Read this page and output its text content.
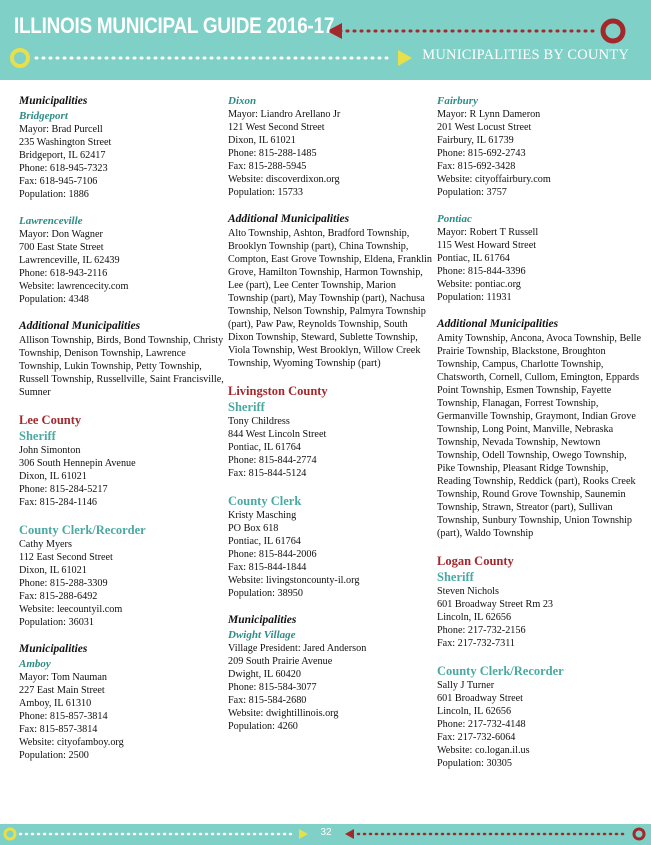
ILLINOIS MUNICIPAL GUIDE 2016-17
MUNICIPALITIES BY COUNTY
Municipalities
Bridgeport
Mayor: Brad Purcell
235 Washington Street
Bridgeport, IL 62417
Phone: 618-945-7323
Fax: 618-945-7106
Population: 1886
Lawrenceville
Mayor: Don Wagner
700 East State Street
Lawrenceville, IL 62439
Phone: 618-943-2116
Website: lawrencecity.com
Population: 4348
Additional Municipalities
Allison Township, Birds, Bond Township, Christy Township, Denison Township, Lawrence Township, Lukin Township, Petty Township, Russell Township, Russellville, Saint Francisville, Sumner
Lee County
Sheriff
John Simonton
306 South Hennepin Avenue
Dixon, IL 61021
Phone: 815-284-5217
Fax: 815-284-1146
County Clerk/Recorder
Cathy Myers
112 East Second Street
Dixon, IL 61021
Phone: 815-288-3309
Fax: 815-288-6492
Website: leecountyil.com
Population: 36031
Municipalities
Amboy
Mayor: Tom Nauman
227 East Main Street
Amboy, IL 61310
Phone: 815-857-3814
Fax: 815-857-3814
Website: cityofamboy.org
Population: 2500
Dixon
Mayor: Liandro Arellano Jr
121 West Second Street
Dixon, IL 61021
Phone: 815-288-1485
Fax: 815-288-5945
Website: discoverdixon.org
Population: 15733
Additional Municipalities
Alto Township, Ashton, Bradford Township, Brooklyn Township (part), China Township, Compton, East Grove Township, Eldena, Franklin Grove, Hamilton Township, Harmon Township, Lee (part), Lee Center Township, Marion Township (part), May Township (part), Nachusa Township, Nelson Township, Palmyra Township (part), Paw Paw, Reynolds Township, South Dixon Township, Steward, Sublette Township, Viola Township, West Brooklyn, Willow Creek Township, Wyoming Township (part)
Livingston County
Sheriff
Tony Childress
844 West Lincoln Street
Pontiac, IL 61764
Phone: 815-844-2774
Fax: 815-844-5124
County Clerk
Kristy Masching
PO Box 618
Pontiac, IL 61764
Phone: 815-844-2006
Fax: 815-844-1844
Website: livingstoncounty-il.org
Population: 38950
Municipalities
Dwight Village
Village President: Jared Anderson
209 South Prairie Avenue
Dwight, IL 60420
Phone: 815-584-3077
Fax: 815-584-2680
Website: dwightillinois.org
Population: 4260
Fairbury
Mayor: R Lynn Dameron
201 West Locust Street
Fairbury, IL 61739
Phone: 815-692-2743
Fax: 815-692-3428
Website: cityoffairbury.com
Population: 3757
Pontiac
Mayor: Robert T Russell
115 West Howard Street
Pontiac, IL 61764
Phone: 815-844-3396
Website: pontiac.org
Population: 11931
Additional Municipalities
Amity Township, Ancona, Avoca Township, Belle Prairie Township, Blackstone, Broughton Township, Campus, Charlotte Township, Chatsworth, Cornell, Cullom, Emington, Eppards Point Township, Esmen Township, Fayette Township, Flanagan, Forrest Township, Germanville Township, Graymont, Indian Grove Township, Long Point, Manville, Nebraska Township, Nevada Township, Newtown Township, Odell Township, Owego Township, Pike Township, Pleasant Ridge Township, Reading Township, Reddick (part), Rooks Creek Township, Round Grove Township, Saunemin Township, Strawn, Streator (part), Sullivan Township, Sunbury Township, Union Township (part), Waldo Township
Logan County
Sheriff
Steven Nichols
601 Broadway Street Rm 23
Lincoln, IL 62656
Phone: 217-732-2156
Fax: 217-732-7311
County Clerk/Recorder
Sally J Turner
601 Broadway Street
Lincoln, IL 62656
Phone: 217-732-4148
Fax: 217-732-6064
Website: co.logan.il.us
Population: 30305
32
